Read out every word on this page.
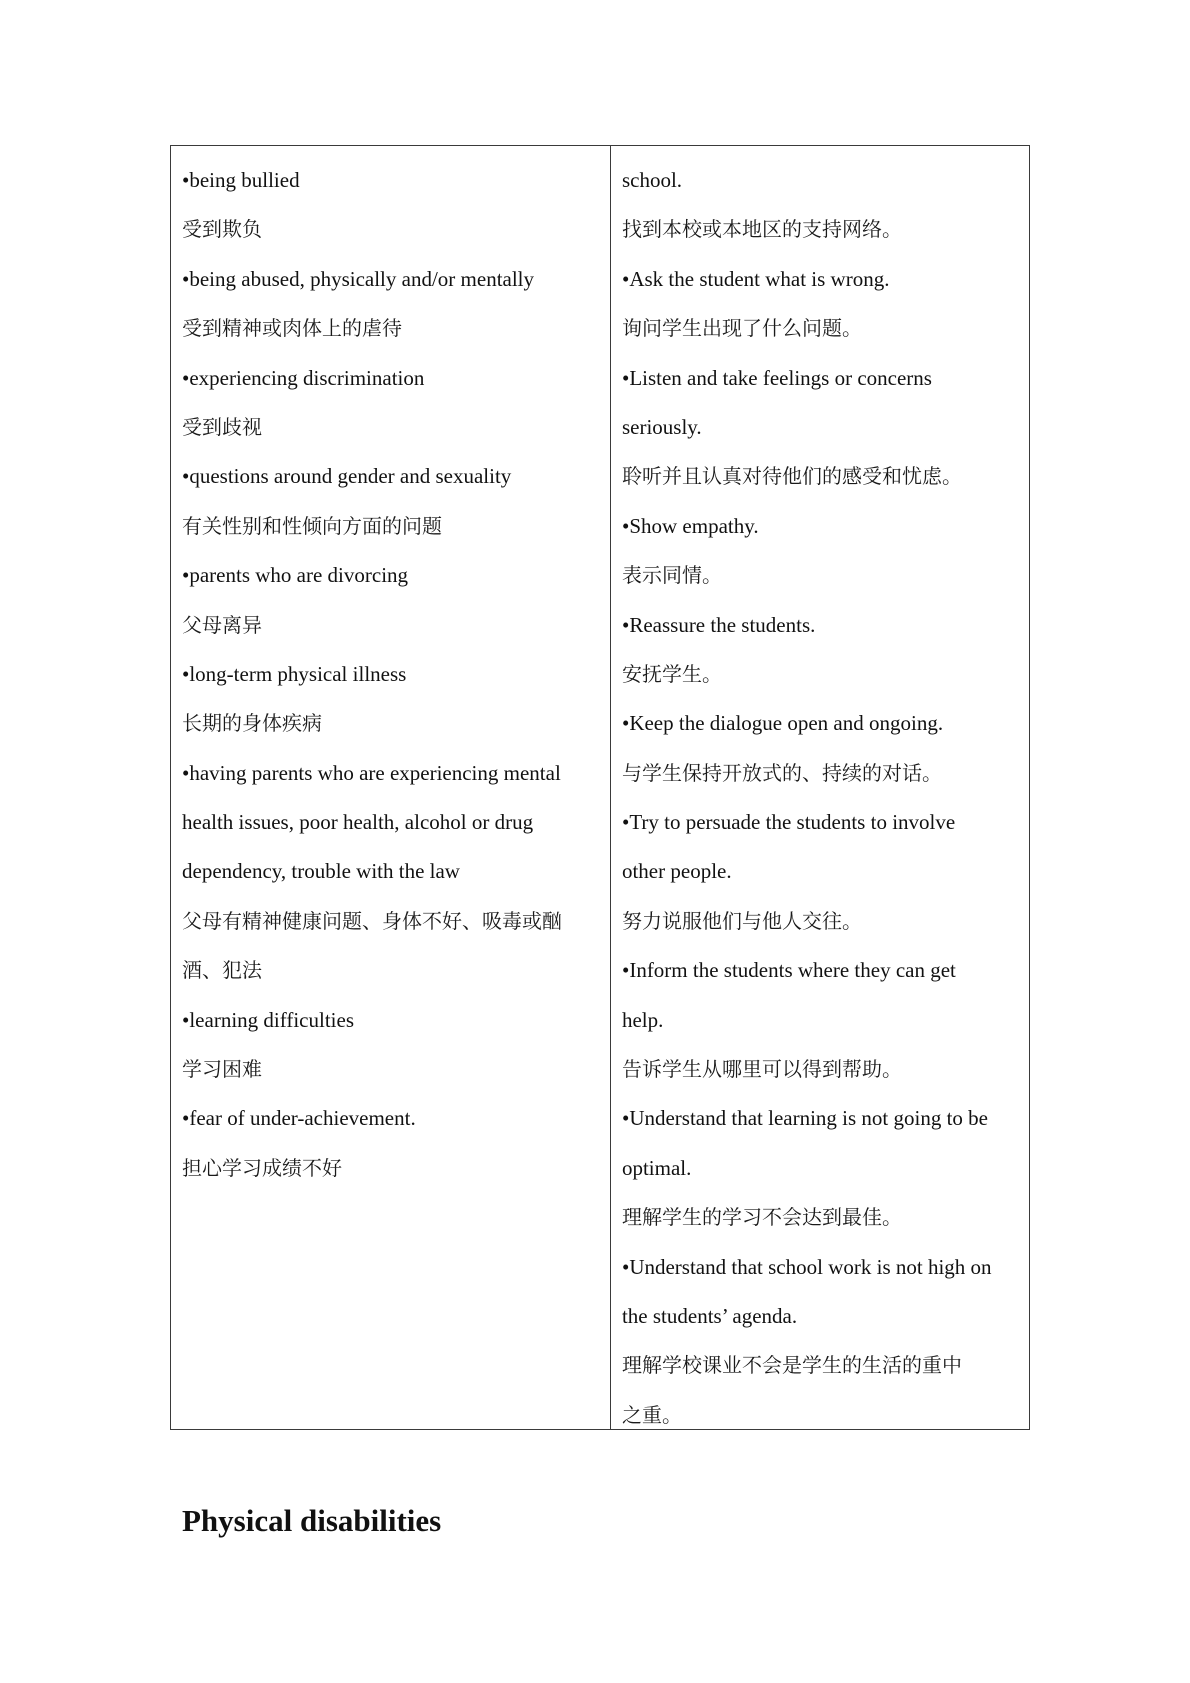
•being bullied
受到欺负
•being abused, physically and/or mentally
受到精神或肉体上的虐待
•experiencing discrimination
受到歧视
•questions around gender and sexuality
有关性别和性倾向方面的问题
•parents who are divorcing
父母离异
•long-term physical illness
长期的身体疾病
•having parents who are experiencing mental
health issues, poor health, alcohol or drug
dependency, trouble with the law
父母有精神健康问题、身体不好、吸毒或酗
酒、犯法
•learning difficulties
学习困难
•fear of under-achievement.
担心学习成绩不好
school.
找到本校或本地区的支持网络。
•Ask the student what is wrong.
询问学生出现了什么问题。
•Listen and take feelings or concerns
seriously.
聆听并且认真对待他们的感受和忧虑。
•Show empathy.
表示同情。
•Reassure the students.
安抚学生。
•Keep the dialogue open and ongoing.
与学生保持开放式的、持续的对话。
•Try to persuade the students to involve
other people.
努力说服他们与他人交往。
•Inform the students where they can get
help.
告诉学生从哪里可以得到帮助。
•Understand that learning is not going to be
optimal.
理解学生的学习不会达到最佳。
•Understand that school work is not high on
the students’ agenda.
理解学校课业不会是学生的生活的重中
之重。
Physical disabilities
